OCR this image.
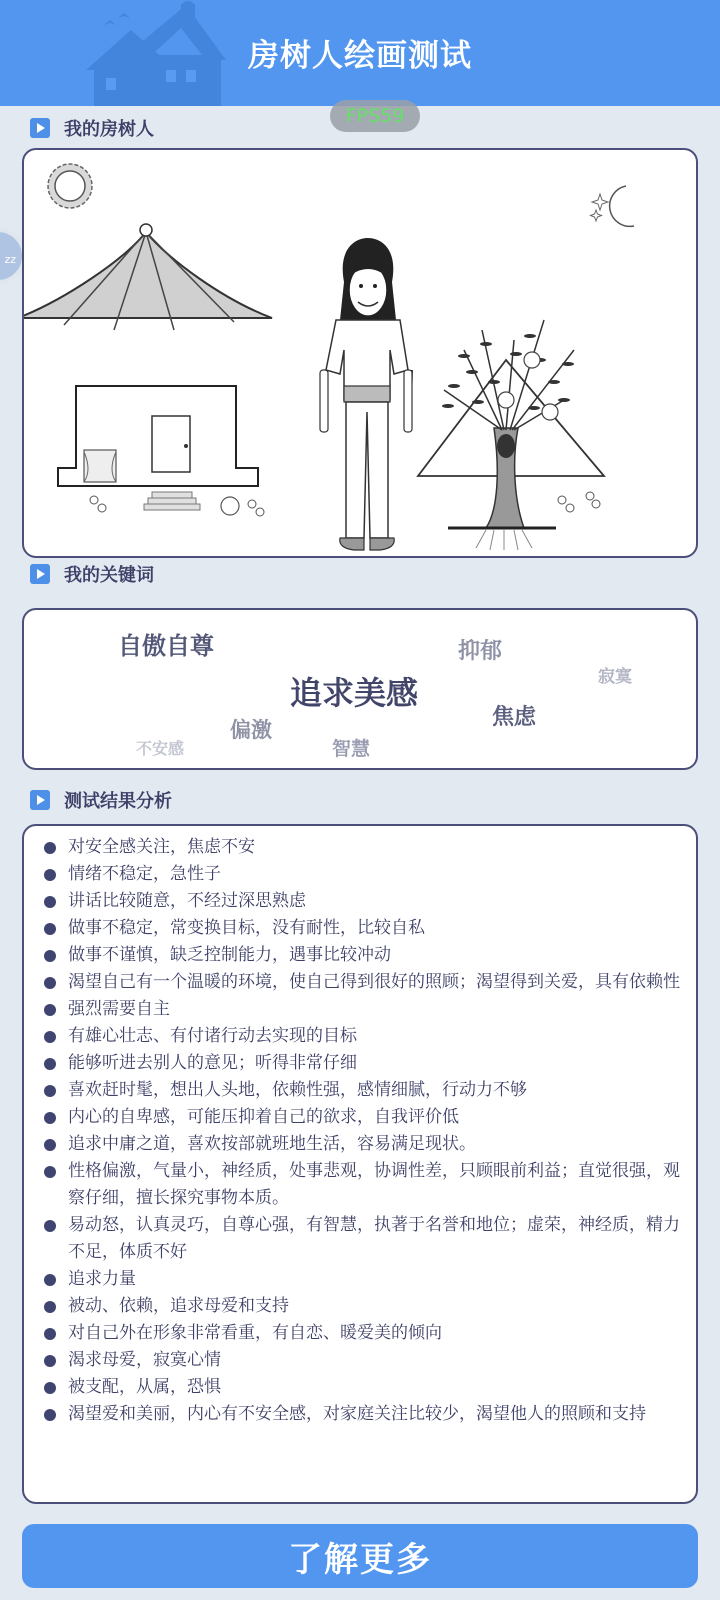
房树人绘画测试
FPS59
zz
我的房树人
我的关键词
自傲自尊	抑郁
寂寞
追求美感
焦虑
偏激
不安感	智慧
测试结果分析
对安全感关注，焦虑不安
情绪不稳定，急性子
讲话比较随意，不经过深思熟虑
做事不稳定，常变换目标，没有耐性，比较自私
做事不谨慎，缺乏控制能力，遇事比较冲动
渴望自己有一个温暖的环境，使自己得到很好的照顾；渴望得到关爱，具有依赖性
强烈需要自主
有雄心壮志、有付诸行动去实现的目标
能够听进去别人的意见；听得非常仔细
喜欢赶时髦，想出人头地，依赖性强，感情细腻，行动力不够
内心的自卑感，可能压抑着自己的欲求，自我评价低
追求中庸之道，喜欢按部就班地生活，容易满足现状。
性格偏激，气量小，神经质，处事悲观，协调性差，只顾眼前利益；直觉很强，观察仔细，擅长探究事物本质。
易动怒，认真灵巧，自尊心强，有智慧，执著于名誉和地位；虚荣，神经质，精力不足，体质不好
追求力量
被动、依赖，追求母爱和支持
对自己外在形象非常看重，有自恋、暖爱美的倾向
渴求母爱，寂寞心情
被支配，从属，恐惧
渴望爱和美丽，内心有不安全感，对家庭关注比较少，渴望他人的照顾和支持
了解更多
